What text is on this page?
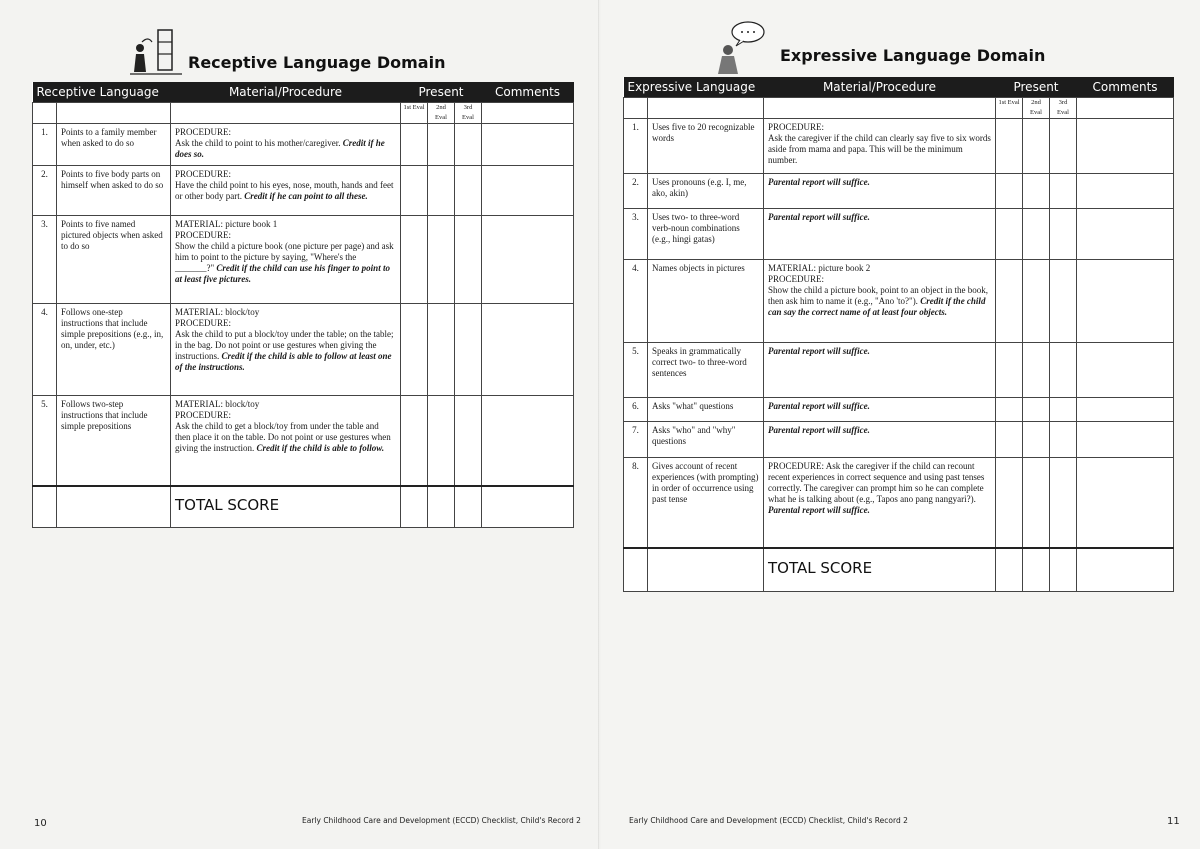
Receptive Language Domain
Receptive Language		Material/Procedure	Present			Comments
			1st Eval	2nd Eval	3rd Eval	
1.	Points to a family member when asked to do so	PROCEDURE:
Ask the child to point to his mother/caregiver. Credit if he does so.				
2.	Points to five body parts on himself when asked to do so	PROCEDURE:
Have the child point to his eyes, nose, mouth, hands and feet or other body part. Credit if he can point to all these.				
3.	Points to five named pictured objects when asked to do so	MATERIAL: picture book 1
PROCEDURE:
Show the child a picture book (one picture per page) and ask him to point to the picture by saying, "Where's the _______?" Credit if the child can use his finger to point to at least five pictures.				
4.	Follows one-step instructions that include simple prepositions (e.g., in, on, under, etc.)	MATERIAL: block/toy
PROCEDURE:
Ask the child to put a block/toy under the table; on the table; in the bag. Do not point or use gestures when giving the instructions. Credit if the child is able to follow at least one of the instructions.				
5.	Follows two-step instructions that include simple prepositions	MATERIAL: block/toy
PROCEDURE:
Ask the child to get a block/toy from under the table and then place it on the table. Do not point or use gestures when giving the instruction. Credit if the child is able to follow.				
		TOTAL SCORE				
10	Early Childhood Care and Development (ECCD) Checklist, Child's Record 2
Expressive Language Domain
Expressive Language		Material/Procedure	Present			Comments
			1st Eval	2nd Eval	3rd Eval	
1.	Uses five to 20 recognizable words	PROCEDURE:
Ask the caregiver if the child can clearly say five to six words aside from mama and papa. This will be the minimum number.				

2.	Uses pronouns (e.g. I, me, ako, akin)	Parental report will suffice.				
3.	Uses two- to three-word verb-noun combinations (e.g., hingi gatas)	Parental report will suffice.				
4.	Names objects in pictures	MATERIAL: picture book 2
PROCEDURE:
Show the child a picture book, point to an object in the book, then ask him to name it (e.g., "Ano 'to?"). Credit if the child can say the correct name of at least four objects.				
5.	Speaks in grammatically correct two- to three-word sentences	Parental report will suffice.				
6.	Asks "what" questions	Parental report will suffice.				
7.	Asks "who" and "why" questions	Parental report will suffice.				
8.	Gives account of recent experiences (with prompting) in order of occurrence using past tense	PROCEDURE: Ask the caregiver if the child can recount recent experiences in correct sequence and using past tenses correctly. The caregiver can prompt him so he can complete what he is talking about (e.g., Tapos ano pang nangyari?).
Parental report will suffice.				
		TOTAL SCORE				
Early Childhood Care and Development (ECCD) Checklist, Child's Record 2	11
